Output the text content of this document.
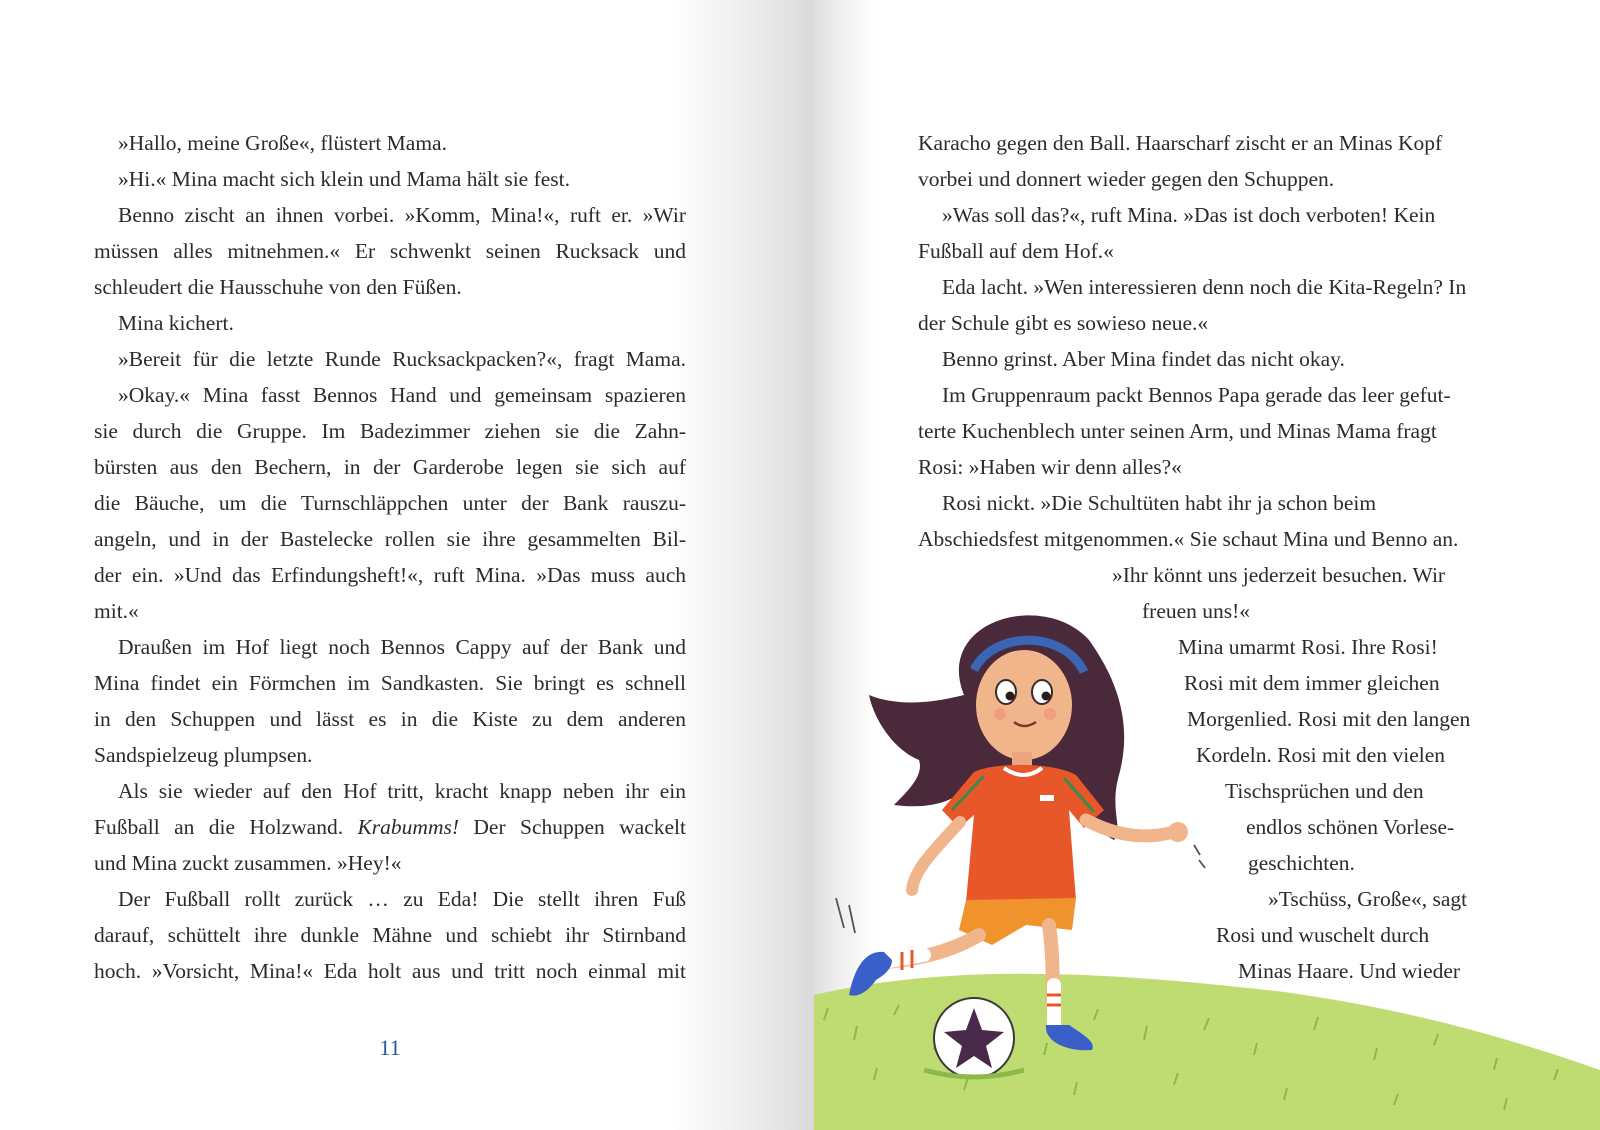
»Hallo, meine Große«, flüstert Mama.
»Hi.« Mina macht sich klein und Mama hält sie fest.
Benno zischt an ihnen vorbei. »Komm, Mina!«, ruft er. »Wir
müssen alles mitnehmen.« Er schwenkt seinen Rucksack und
schleudert die Hausschuhe von den Füßen.
Mina kichert.
»Bereit für die letzte Runde Rucksackpacken?«, fragt Mama.
»Okay.« Mina fasst Bennos Hand und gemeinsam spazieren
sie durch die Gruppe. Im Badezimmer ziehen sie die Zahn-
bürsten aus den Bechern, in der Garderobe legen sie sich auf
die Bäuche, um die Turnschläppchen unter der Bank rauszu-
angeln, und in der Bastelecke rollen sie ihre gesammelten Bil-
der ein. »Und das Erfindungsheft!«, ruft Mina. »Das muss auch
mit.«
Draußen im Hof liegt noch Bennos Cappy auf der Bank und
Mina findet ein Förmchen im Sandkasten. Sie bringt es schnell
in den Schuppen und lässt es in die Kiste zu dem anderen
Sandspielzeug plumpsen.
Als sie wieder auf den Hof tritt, kracht knapp neben ihr ein
Fußball an die Holzwand. Krabumms! Der Schuppen wackelt
und Mina zuckt zusammen. »Hey!«
Der Fußball rollt zurück … zu Eda! Die stellt ihren Fuß
darauf, schüttelt ihre dunkle Mähne und schiebt ihr Stirnband
hoch. »Vorsicht, Mina!« Eda holt aus und tritt noch einmal mit
11
Karacho gegen den Ball. Haarscharf zischt er an Minas Kopf
vorbei und donnert wieder gegen den Schuppen.
»Was soll das?«, ruft Mina. »Das ist doch verboten! Kein
Fußball auf dem Hof.«
Eda lacht. »Wen interessieren denn noch die Kita-Regeln? In
der Schule gibt es sowieso neue.«
Benno grinst. Aber Mina findet das nicht okay.
Im Gruppenraum packt Bennos Papa gerade das leer gefut-
terte Kuchenblech unter seinen Arm, und Minas Mama fragt
Rosi: »Haben wir denn alles?«
Rosi nickt. »Die Schultüten habt ihr ja schon beim
Abschiedsfest mitgenommen.« Sie schaut Mina und Benno an.
»Ihr könnt uns jederzeit besuchen. Wir
freuen uns!«
Mina umarmt Rosi. Ihre Rosi!
Rosi mit dem immer gleichen
Morgenlied. Rosi mit den langen
Kordeln. Rosi mit den vielen
Tischsprüchen und den
endlos schönen Vorlese-
geschichten.
»Tschüss, Große«, sagt
Rosi und wuschelt durch
Minas Haare. Und wieder
